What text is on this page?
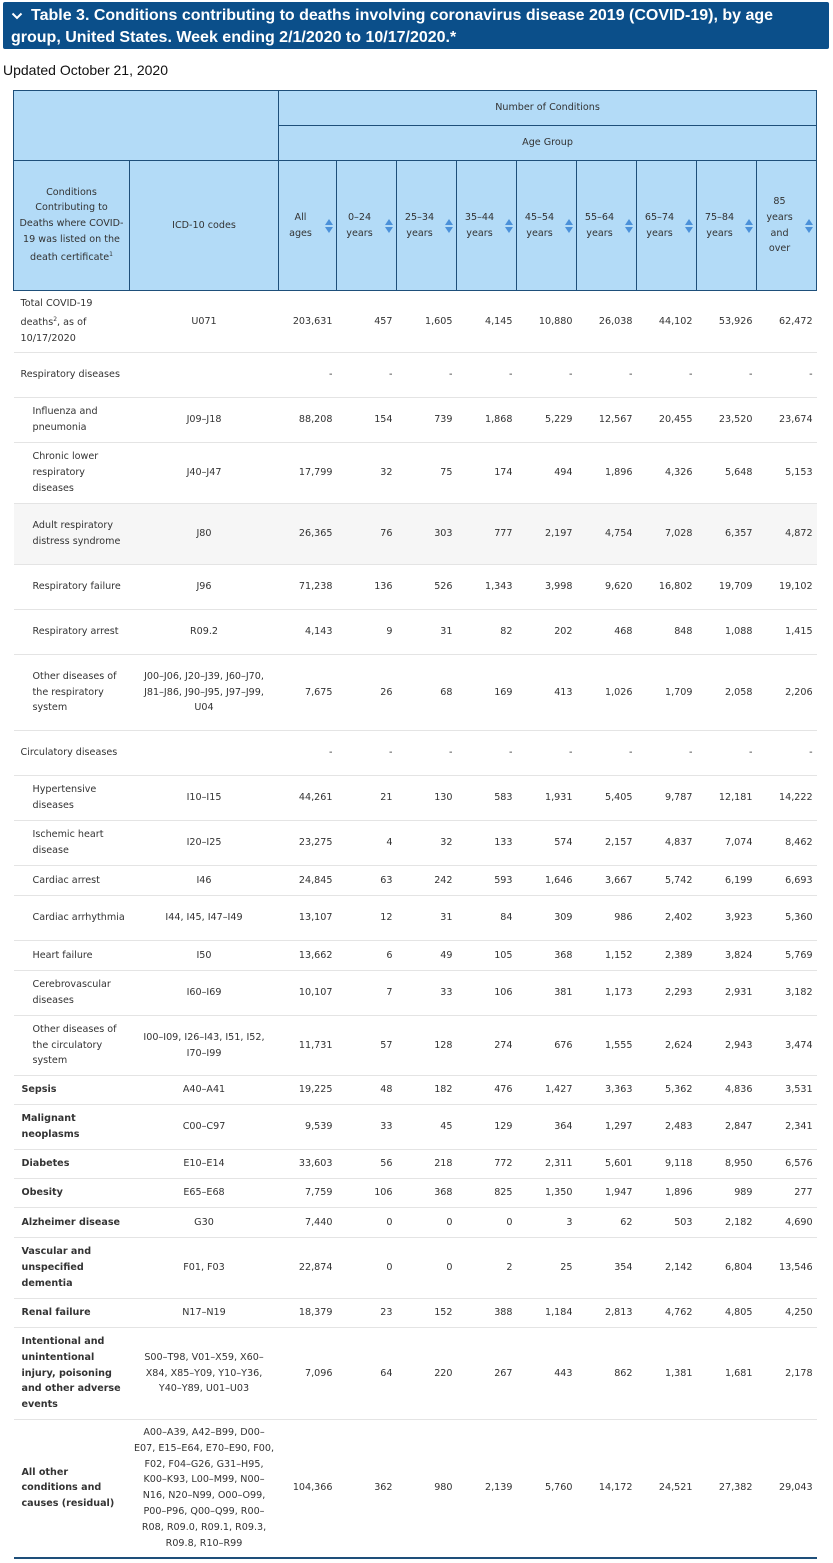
Table 3. Conditions contributing to deaths involving coronavirus disease 2019 (COVID-19), by age group, United States. Week ending 2/1/2020 to 10/17/2020.*
Updated October 21, 2020
		Number of Conditions								
		Age Group								
Conditions Contributing to Deaths where COVID-19 was listed on the death certificate$^1$	ICD-10 codes	All ages	0–24 years	25–34 years	35–44 years	45–54 years	55–64 years	65–74 years	75–84 years	85 years and over

Total COVID-19 deaths$^2$, as of 10/17/2020	U071	203,631	457	1,605	4,145	10,880	26,038	44,102	53,926	62,472
Respiratory diseases		-	-	-	-	-	-	-	-	-
Influenza and pneumonia	J09–J18	88,208	154	739	1,868	5,229	12,567	20,455	23,520	23,674
Chronic lower respiratory diseases	J40–J47	17,799	32	75	174	494	1,896	4,326	5,648	5,153
Adult respiratory distress syndrome	J80	26,365	76	303	777	2,197	4,754	7,028	6,357	4,872
Respiratory failure	J96	71,238	136	526	1,343	3,998	9,620	16,802	19,709	19,102
Respiratory arrest	R09.2	4,143	9	31	82	202	468	848	1,088	1,415
Other diseases of the respiratory system	J00–J06, J20–J39, J60–J70, J81–J86, J90–J95, J97–J99, U04	7,675	26	68	169	413	1,026	1,709	2,058	2,206
Circulatory diseases		-	-	-	-	-	-	-	-	-
Hypertensive diseases	I10–I15	44,261	21	130	583	1,931	5,405	9,787	12,181	14,222
Ischemic heart disease	I20–I25	23,275	4	32	133	574	2,157	4,837	7,074	8,462
Cardiac arrest	I46	24,845	63	242	593	1,646	3,667	5,742	6,199	6,693
Cardiac arrhythmia	I44, I45, I47–I49	13,107	12	31	84	309	986	2,402	3,923	5,360
Heart failure	I50	13,662	6	49	105	368	1,152	2,389	3,824	5,769
Cerebrovascular diseases	I60–I69	10,107	7	33	106	381	1,173	2,293	2,931	3,182
Other diseases of the circulatory system	I00–I09, I26–I43, I51, I52, I70–I99	11,731	57	128	274	676	1,555	2,624	2,943	3,474
Sepsis	A40–A41	19,225	48	182	476	1,427	3,363	5,362	4,836	3,531
Malignant neoplasms	C00–C97	9,539	33	45	129	364	1,297	2,483	2,847	2,341
Diabetes	E10–E14	33,603	56	218	772	2,311	5,601	9,118	8,950	6,576
Obesity	E65–E68	7,759	106	368	825	1,350	1,947	1,896	989	277
Alzheimer disease	G30	7,440	0	0	0	3	62	503	2,182	4,690
Vascular and unspecified dementia	F01, F03	22,874	0	0	2	25	354	2,142	6,804	13,546
Renal failure	N17–N19	18,379	23	152	388	1,184	2,813	4,762	4,805	4,250
Intentional and unintentional injury, poisoning and other adverse events	S00–T98, V01–X59, X60–X84, X85–Y09, Y10–Y36, Y40–Y89, U01–U03	7,096	64	220	267	443	862	1,381	1,681	2,178
All other conditions and causes (residual)	A00–A39, A42–B99, D00–E07, E15–E64, E70–E90, F00, F02, F04–G26, G31–H95, K00–K93, L00–M99, N00–N16, N20–N99, O00–O99, P00–P96, Q00–Q99, R00–R08, R09.0, R09.1, R09.3, R09.8, R10–R99	104,366	362	980	2,139	5,760	14,172	24,521	27,382	29,043
